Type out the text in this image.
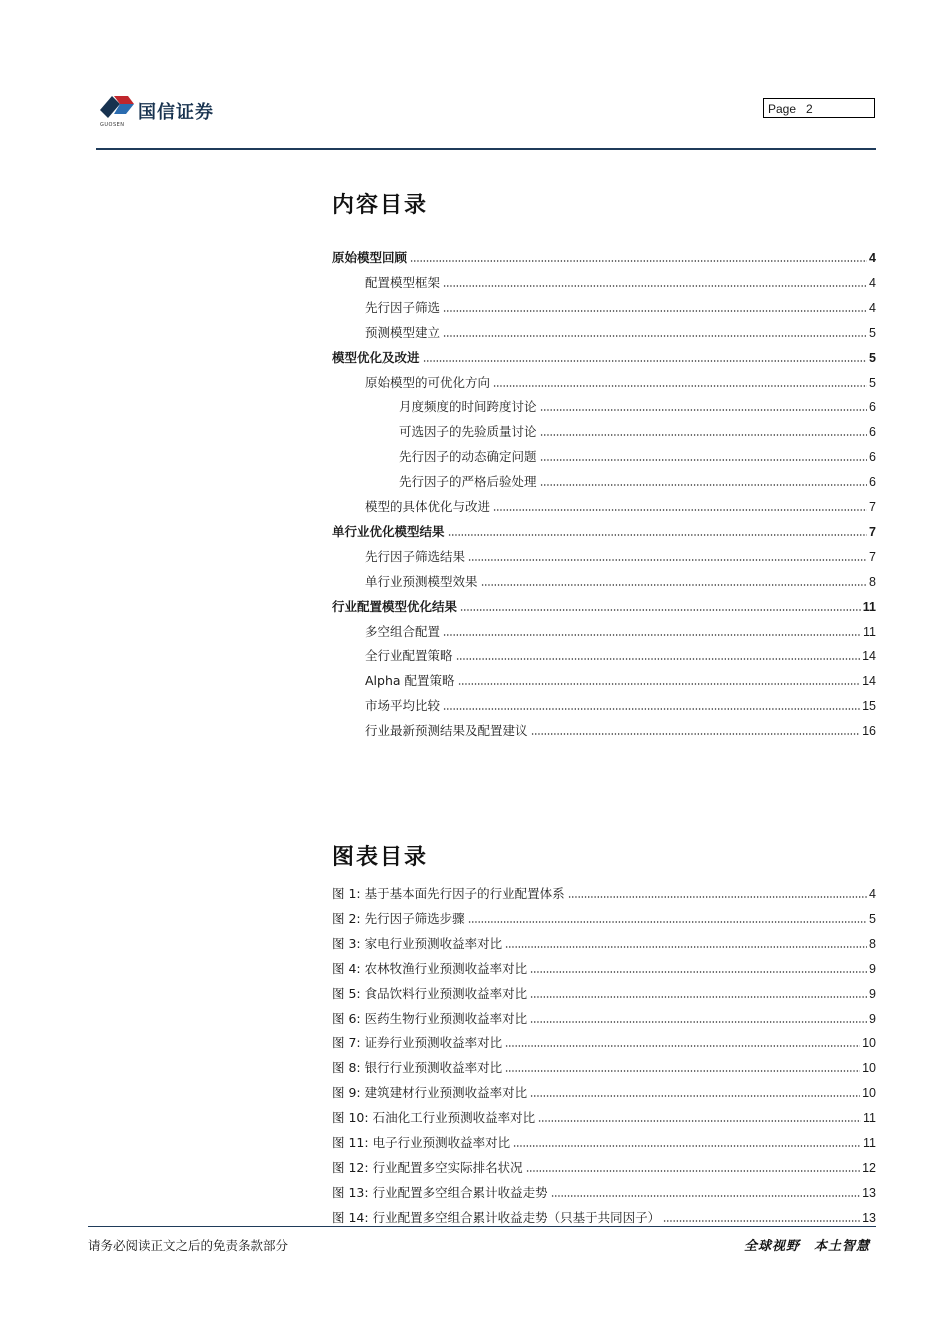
国信证券
GUOSEN
Page 2
内容目录
原始模型回顾	4
配置模型框架	4
先行因子筛选	4
预测模型建立	5
模型优化及改进	5
原始模型的可优化方向	5
月度频度的时间跨度讨论	6
可选因子的先验质量讨论	6
先行因子的动态确定问题	6
先行因子的严格后验处理	6
模型的具体优化与改进	7
单行业优化模型结果	7
先行因子筛选结果	7
单行业预测模型效果	8
行业配置模型优化结果	11
多空组合配置	11
全行业配置策略	14
Alpha 配置策略	14
市场平均比较	15
行业最新预测结果及配置建议	16
图表目录
图 1: 基于基本面先行因子的行业配置体系	4
图 2: 先行因子筛选步骤	5
图 3: 家电行业预测收益率对比	8
图 4: 农林牧渔行业预测收益率对比	9
图 5: 食品饮料行业预测收益率对比	9
图 6: 医药生物行业预测收益率对比	9
图 7: 证券行业预测收益率对比	10
图 8: 银行行业预测收益率对比	10
图 9: 建筑建材行业预测收益率对比	10
图 10: 石油化工行业预测收益率对比	11
图 11: 电子行业预测收益率对比	11
图 12: 行业配置多空实际排名状况	12
图 13: 行业配置多空组合累计收益走势	13
图 14: 行业配置多空组合累计收益走势（只基于共同因子）	13
请务必阅读正文之后的免责条款部分	全球视野　本土智慧
